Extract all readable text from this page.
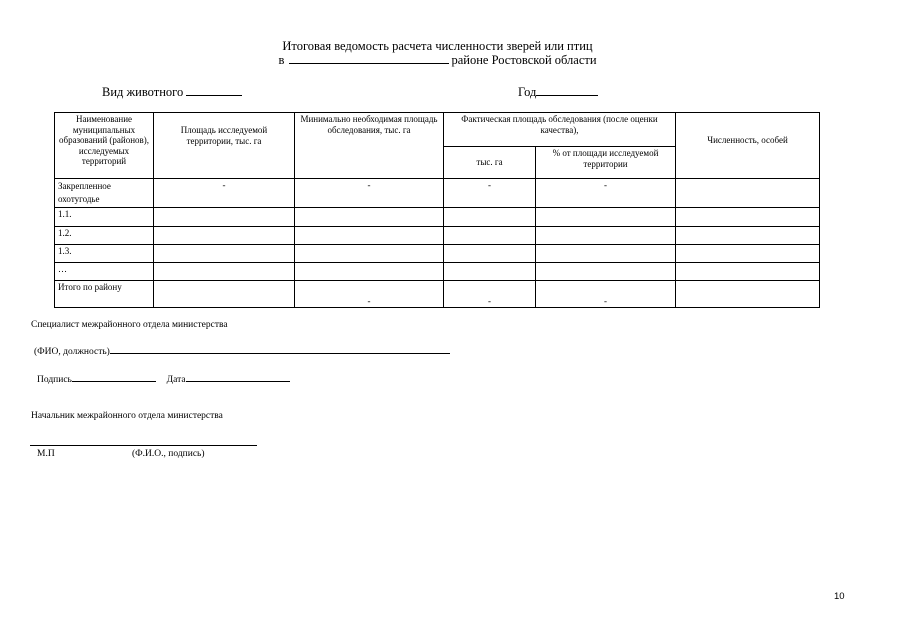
Итоговая ведомость расчета численности зверей или птиц
в	районе Ростовской области
Вид животного	Год
Наименование муниципальных образований (районов), исследуемых территорий	Площадь исследуемой территории, тыс. га	Минимально необходимая площадь обследования, тыс. га	Фактическая площадь обследования (после оценки качества),		Численность, особей
			тыс. га	% от площади исследуемой территории	
Закрепленное охотугодье	-	-	-	-	
1.1.					
1.2.					
1.3.					
…					
Итого по району		-	-	-	
Специалист межрайонного отдела министерства
(ФИО, должность)
Подпись	Дата
Начальник межрайонного отдела министерства
М.П	(Ф.И.О., подпись)
10
